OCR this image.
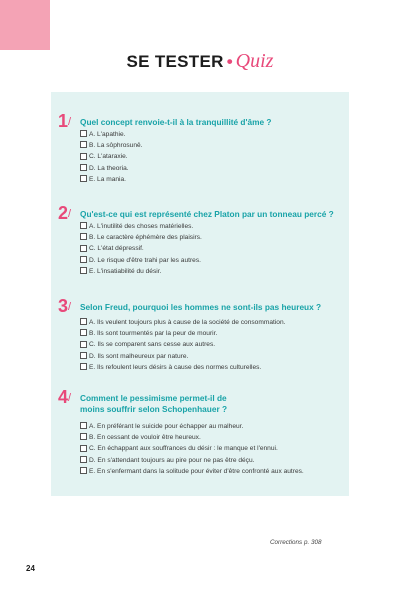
SE TESTER • Quiz
1 / Quel concept renvoie-t-il à la tranquillité d'âme ?
A. L'apathie.
B. La sôphrosunê.
C. L'ataraxie.
D. La theoria.
E. La mania.
2 / Qu'est-ce qui est représenté chez Platon par un tonneau percé ?
A. L'inutilité des choses matérielles.
B. Le caractère éphémère des plaisirs.
C. L'état dépressif.
D. Le risque d'être trahi par les autres.
E. L'insatiabilité du désir.
3 / Selon Freud, pourquoi les hommes ne sont-ils pas heureux ?
A. Ils veulent toujours plus à cause de la société de consommation.
B. Ils sont tourmentés par la peur de mourir.
C. Ils se comparent sans cesse aux autres.
D. Ils sont malheureux par nature.
E. Ils refoulent leurs désirs à cause des normes culturelles.
4 / Comment le pessimisme permet-il de moins souffrir selon Schopenhauer ?
A. En préférant le suicide pour échapper au malheur.
B. En cessant de vouloir être heureux.
C. En échappant aux souffrances du désir : le manque et l'ennui.
D. En s'attendant toujours au pire pour ne pas être déçu.
E. En s'enfermant dans la solitude pour éviter d'être confronté aux autres.
Corrections p. 308
24
